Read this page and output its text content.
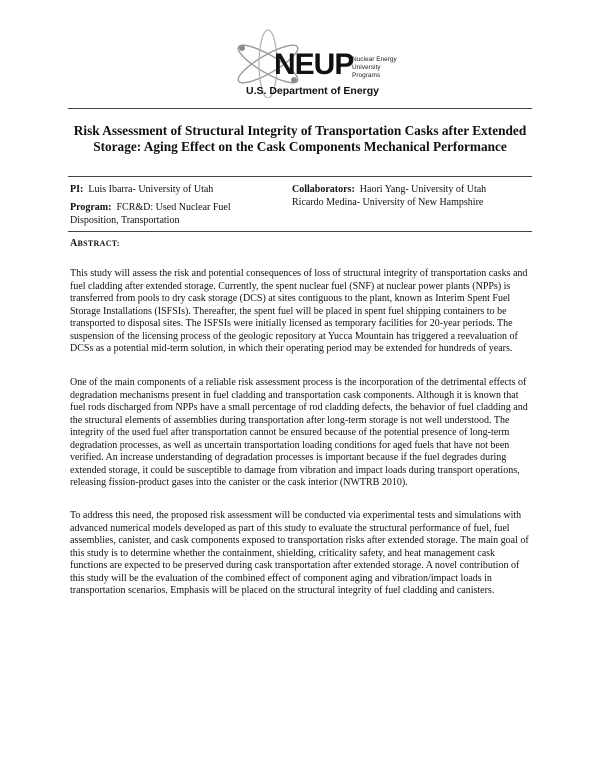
NEUP
Nuclear Energy
University Programs
U.S. Department of Energy
Risk Assessment of Structural Integrity of Transportation Casks after Extended Storage: Aging Effect on the Cask Components Mechanical Performance
PI: Luis Ibarra- University of Utah
Program: FCR&D: Used Nuclear Fuel Disposition, Transportation
Collaborators: Haori Yang- University of Utah
Ricardo Medina- University of New Hampshire
ABSTRACT:

This study will assess the risk and potential consequences of loss of structural integrity of transportation casks and fuel cladding after extended storage. Currently, the spent nuclear fuel (SNF) at nuclear power plants (NPPs) is transferred from pools to dry cask storage (DCS) at sites contiguous to the plant, known as Interim Spent Fuel Storage Installations (ISFSIs). Thereafter, the spent fuel will be placed in spent fuel shipping containers to be transported to disposal sites. The ISFSIs were initially licensed as temporary facilities for 20-year periods. The suspension of the licensing process of the geologic repository at Yucca Mountain has triggered a reevaluation of DCSs as a potential mid-term solution, in which their operating period may be extended for hundreds of years.

One of the main components of a reliable risk assessment process is the incorporation of the detrimental effects of degradation mechanisms present in fuel cladding and transportation cask components. Although it is known that fuel rods discharged from NPPs have a small percentage of rod cladding defects, the behavior of fuel cladding and the structural elements of assemblies during transportation after long-term storage is not well understood. The integrity of the used fuel after transportation cannot be ensured because of the potential presence of long-term degradation processes, as well as uncertain transportation loading conditions for aged fuels that have not been verified. An increase understanding of degradation processes is important because if the fuel degrades during extended storage, it could be susceptible to damage from vibration and impact loads during transport operations, releasing fission-product gases into the canister or the cask interior (NWTRB 2010).

To address this need, the proposed risk assessment will be conducted via experimental tests and simulations with advanced numerical models developed as part of this study to evaluate the structural performance of fuel, fuel assemblies, canister, and cask components exposed to transportation risks after extended storage. The main goal of this study is to determine whether the containment, shielding, criticality safety, and heat management cask functions are expected to be preserved during cask transportation after extended storage. A novel contribution of this study will be the evaluation of the combined effect of component aging and vibration/impact loads in transportation scenarios. Emphasis will be placed on the structural integrity of fuel cladding and canisters.
